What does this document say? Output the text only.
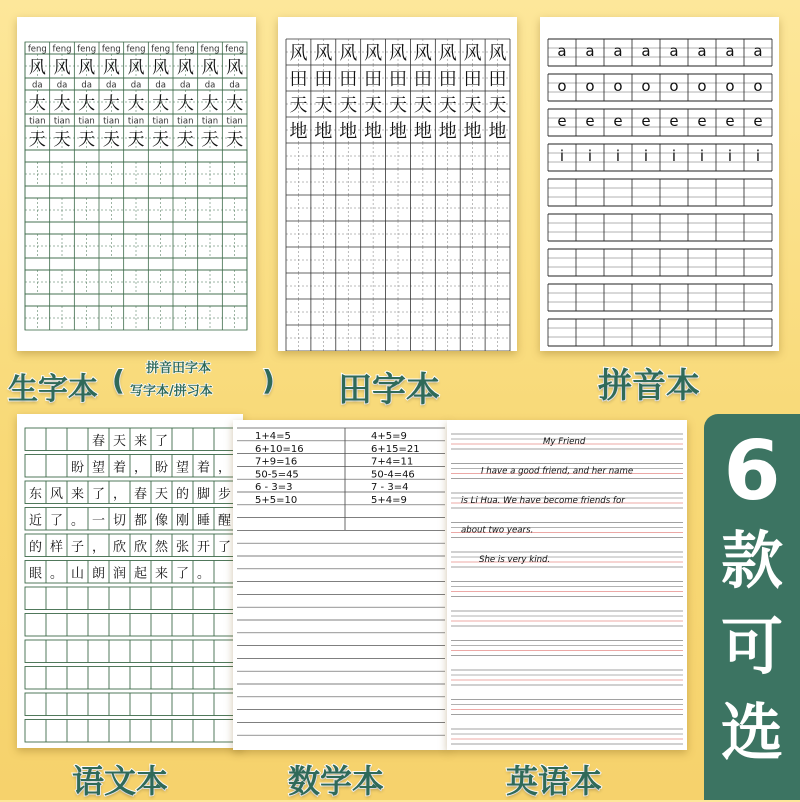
feng feng feng feng feng feng feng feng feng
风 风 风 风 风 风 风 风 风
da da da da da da da da da
大 大 大 大 大 大 大 大 大
tian tian tian tian tian tian tian tian tian
天 天 天 天 天 天 天 天 天
生字本 ( 拼音田字本
写字本/拼习本 )
风 风 风 风 风 风 风 风 风
田 田 田 田 田 田 田 田 田
天 天 天 天 天 天 天 天 天
地 地 地 地 地 地 地 地 地
田字本
a a a a a a a a
o o o o o o o o
e e e e e e e e
i i i i i i i i
拼音本
春 天 来 了
盼 望 着 ， 盼 望 着 ，
东 风 来 了 ， 春 天 的 脚 步
近 了 。 一 切 都 像 刚 睡 醒
的 样 子 ， 欣 欣 然 张 开 了
眼 。 山 朗 润 起 来 了 。
语文本
1+4=5
6+10=16
7+9=16
50-5=45
6 - 3=3
5+5=10
4+5=9
6+15=21
7+4=11
50-4=46
7 - 3=4
5+4=9
数学本
My Friend
I have a good friend, and her name
is Li Hua. We have become friends for
about two years.
She is very kind.
英语本
6
款
可
选
